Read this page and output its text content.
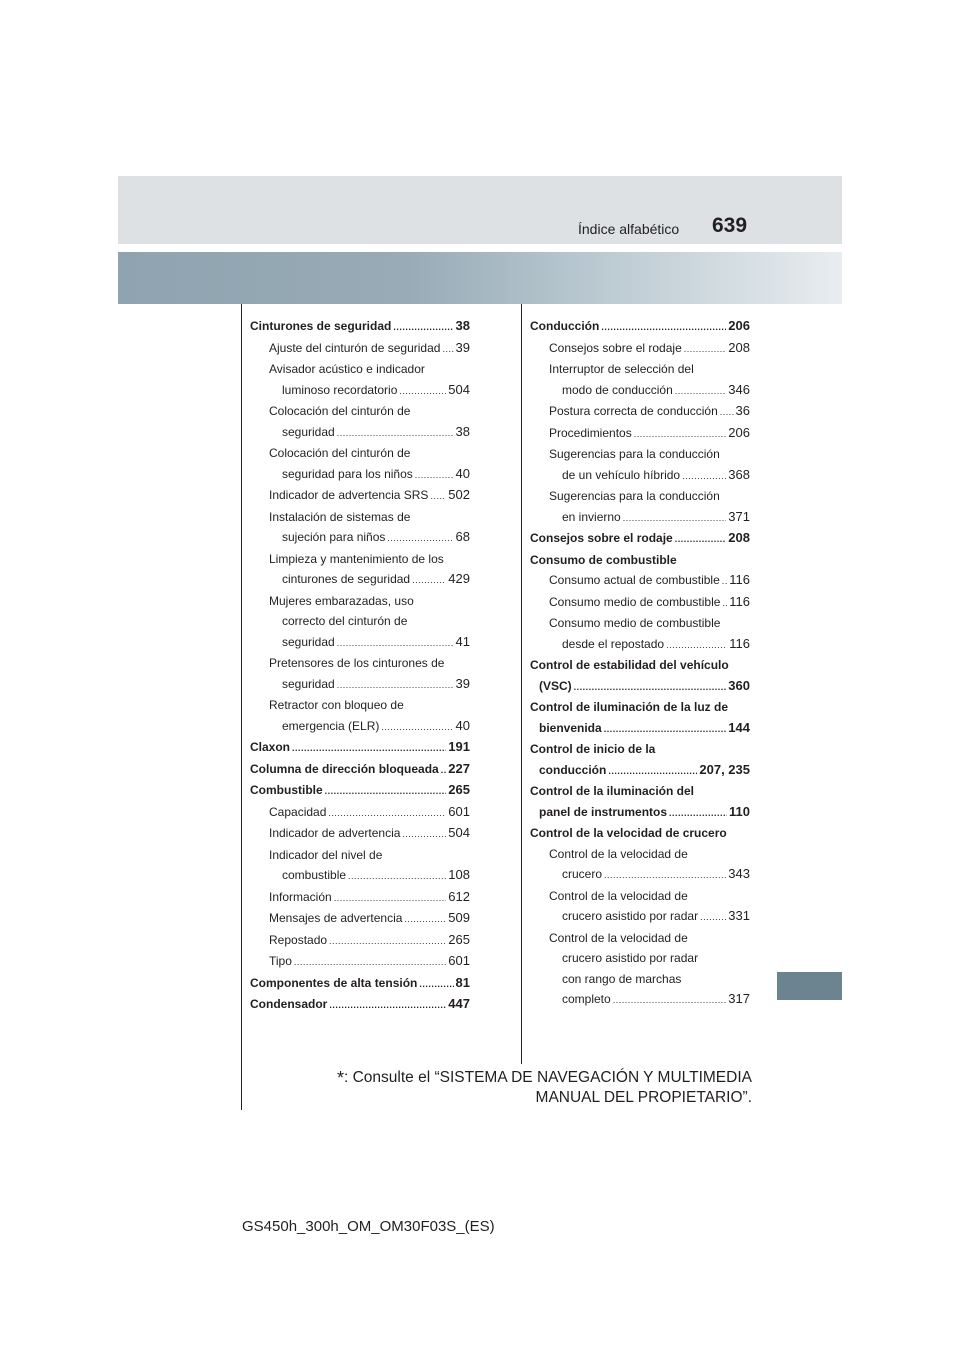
Índice alfabético 639
Cinturones de seguridad .....	38
Ajuste del cinturón de seguridad ..... 39
Avisador acústico e indicador
luminoso recordatorio .....	504
Colocación del cinturón de
seguridad .....	38
Colocación del cinturón de
seguridad para los niños .....	40
Indicador de advertencia SRS ..... 502
Instalación de sistemas de
sujeción para niños .....	68
Limpieza y mantenimiento de los
cinturones de seguridad .....	429
Mujeres embarazadas, uso
correcto del cinturón de
seguridad .....	41
Pretensores de los cinturones de
seguridad .....	39
Retractor con bloqueo de
emergencia (ELR) .....	40
Claxon .....	191
Columna de dirección bloqueada ..... 227
Combustible .....	265
Capacidad .....	601
Indicador de advertencia .....	504
Indicador del nivel de
combustible .....	108
Información .....	612
Mensajes de advertencia .....	509
Repostado .....	265
Tipo .....	601
Componentes de alta tensión .....	81
Condensador .....	447
Conducción .....	206
Consejos sobre el rodaje .....	208
Interruptor de selección del
modo de conducción .....	346
Postura correcta de conducción ..... 36
Procedimientos .....	206
Sugerencias para la conducción
de un vehículo híbrido .....	368
Sugerencias para la conducción
en invierno .....	371
Consejos sobre el rodaje .....	208
Consumo de combustible
Consumo actual de combustible ..... 116
Consumo medio de combustible ..... 116
Consumo medio de combustible
desde el repostado .....	116
Control de estabilidad del vehículo
(VSC) .....	360
Control de iluminación de la luz de
bienvenida .....	144
Control de inicio de la
conducción .....	207, 235
Control de la iluminación del
panel de instrumentos .....	110
Control de la velocidad de crucero
Control de la velocidad de
crucero .....	343
Control de la velocidad de
crucero asistido por radar ..... 331
Control de la velocidad de
crucero asistido por radar
con rango de marchas
completo .....	317
*: Consulte el “SISTEMA DE NAVEGACIÓN Y MULTIMEDIA
MANUAL DEL PROPIETARIO”.
GS450h_300h_OM_OM30F03S_(ES)
